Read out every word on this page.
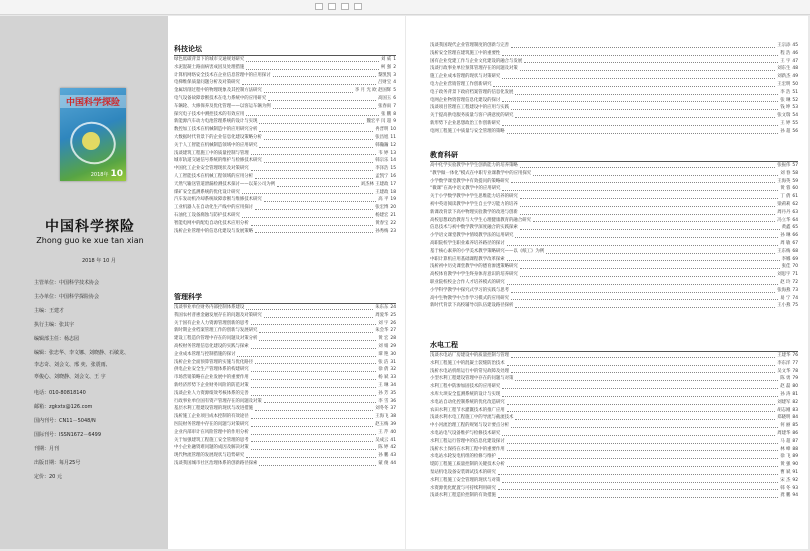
中国科学探险
2018年 10
中国科学探险
Zhong guo ke xue tan xian
2018 年 10 月
主管单位：中国科学技术协会
主办单位：中国科学探险协会
主编：王建才
执行主编：张其宇
编辑部主任：杨志园
编辑：张忠华、李文娜、刘晓静、石敏龙、
李志奇、刘会文、邢 奕、张震雨、
辜俊心、刘晓静、刘会文、王 宇
电话：010-80818140
邮箱：zgkxtx@126.com
国内刊号：CN11－5048/N
国际刊号：ISSN1672－6499
刊期：月刊
出版日期：每月25号
定价：20 元
科技论坛
绿色低碳背景下的城市交通规划研究	刘 威 1
水泥混凝土路面病害成因及处理措施	柯 强 2
计算机网络安全技术在企业信息管理中的应用探讨	黎凯凯 3
电梯维保质量问题分析及对策研究	吕财宝 4
金属切削过程中的物理现象及其控制方法研究	李 月 光 欧 赵国辉 5
电气设备故障诊断技术在电力系统中的应用研究	高国玉 6
车辆轮、大修保养及优化管理——以客运车辆为例	张春雨 7
探究电子技术中测控技术的有效应用	张 鹏 8
新能源汽车动力电池管理系统的设计与实现	魏宏平 闫 超 9
数控加工技术在机械制造中的应用研究分析	冉晋明 10
大数据时代背景下的企业信息化建设策略分析	张昌旭 11
关于人工智能在机械制造领域中的应用研究	韩瀚瀚 12
浅谈建筑工程施工中的质量控制与管理	韦 婷 13
城市轨道交通信号系统的维护与检修技术研究	韩宗乐 14
中国化工企业安全管理现状及对策研究	李泽浩 15
人工智能技术在机械工程领域的应用分析	孟凯宁 16
天然气输送管道泄漏检测技术探讨——以某公司为例	刘杰林 王建政 17
煤矿安全监测系统的优化设计研究	王建政 18
汽车发动机冷却系统故障诊断与维修技术研究	高 平 19
工业机器人在自动化生产线中的应用探讨	张宏博 20
石油化工设备腐蚀与防护技术研究	杨建宏 21
智能电网中的配电自动化技术应用分析	黄春宝 22
浅析企业管理中的信息化建设与发展策略	孙秀梅 23
管理科学
浅谈事业单位财务内部控制体系建设	朱东东 24
我国农村普惠金融发展存在的问题及对策研究	周爱华 25
关于国有企业人力资源管理创新的思考	刘 宇 26
新时期企业档案管理工作的创新与发展研究	朱会华 27
建设工程造价管理中存在的问题及对策分析	黄 宏 28
高校财务管理信息化建设的实践与探索	刘 娟 29
企业成本管理与控制措施的探讨	谭 艳 30
浅析企业全面预算管理的实施与优化路径	张 洁 31
供电企业安全生产管理体系的构建研究	徐 倩 32
市场营销策略在企业发展中的重要作用	杨 斌 33
新经济形势下企业财务风险的防范对策	王 琳 34
浅谈企业人力资源绩效考核体系的完善	孙 芳 35
行政事业单位国有资产管理存在的问题及对策	李 雪 36
基层水利工程建设管理的现状与改进措施	刘冬冬 37
浅析施工企业项目成本控制的有效途径	王海飞 38
医院财务管理中存在的问题与对策研究	赵玉梅 39
企业内部审计在风险管理中的作用分析	王 芹 40
关于加强建筑工程施工安全管理的思考	吴成云 41
中小企业融资难问题的成因及解决对策	陈 婷 42
现代物流管理的发展现状与趋势研究	孙 鹏 43
浅谈我国城市社区治理体系的创新路径探索	蒙 俊 44
浅谈我国现代企业管理制度的创新与完善	王宗添 45
浅析安全管理在建筑施工中的重要性	程 浩 46
国有企业党建工作与企业文化建设的融合与发展	王 宇 47
浅谈行政事业单位预算管理存在的问题及对策	刘东生 48
施工企业成本管理的现状与对策研究	刘新杰 49
电力企业营销管理工作创新研究	王宏明 50
电子政务背景下政府档案管理的信息化发展	李 浩 51
电网企业物资管理信息化建设的探讨	张 琳 52
浅谈项目管理在工程建设中的应用与实践	钱 坤 53
关于提高供电服务质量与客户满意度的研究	张文瑞 54
新形势下企业思想政治工作创新研究	王 婷 55
电网工程施工中质量与安全管理的策略	孙 超 56
教育科研
高中化学实验教学中学生创新能力的培养策略	张振伟 57
“教学做一体化”模式在中职专业课教学中的应用探究	刘 春 58
小学数学课堂教学中有效提问的策略研究	王海英 59
“微课”在高中语文教学中的应用研究	黄 蓉 60
关于小学数学教学中学生思维能力培养的研究	丁 倩 61
初中英语阅读教学中学生自主学习能力的培养	梁莉莉 62
新课改背景下高中物理实验教学的改进与创新	周丹丹 63
高校思想政治教育与大学生心理健康教育的融合研究	冯立华 64
信息技术与初中数学教学深度融合的实践探索	黄鑫 65
小学语文课堂教学中情境教学法的运用研究	孙 琳 66
高职院校学生职业素养培养路径的探讨	周 敏 67
基于核心素养的小学美术教学策略研究——以《纸工》为例	王东梅 68
中职计算机应用基础课程教学改革探索	李娜 69
浅析初中历史课堂教学中的德育渗透策略研究	张佳 70
高校体育教学中学生终身体育意识的培养研究	刘思宇 71
职业院校校企合作人才培养模式的研究	赵 玲 72
小学科学教学中探究式学习的实践与思考	张海燕 73
高中生物教学中合作学习模式的应用研究	易 宁 74
新时代背景下高校辅导员队伍建设路径探析	王小燕 75
水电工程
浅谈水电站厂房建设中的质量控制与管理	王建华 76
水利工程施工中的混凝土裂缝防治技术	李东洋 77
浅析水电站机组运行中的常见故障及处理	吴文华 78
小型水利工程建设管理中存在的问题与对策	陈 勇 79
水利工程中防渗加固技术的应用研究	赵 磊 80
水库大坝安全监测系统的设计与实现	孙 涛 81
水电站自动化控制系统的优化改造研究	刘建军 82
农田水利工程节水灌溉技术的推广应用	胡志刚 83
浅谈水利水电工程施工中的导流与截流技术	郑晓明 84
中小河流治理工程的规划与设计要点分析	何 丽 85
水电站电气设备维护与检修技术研究	周建华 86
水利工程运行管理中的信息化建设探讨	马 超 87
浅析水土保持在水利工程中的重要作用	林 峰 88
水电站水轮发电机组的检修与维护	徐 飞 89
堤防工程施工质量控制的关键技术分析	黄 强 90
泵站机电设备安装调试技术的研究	曹 斌 91
水利工程施工安全管理的现状与对策	宋 杰 92
水资源优化配置与可持续利用研究	韩 冬 93
浅谈水利工程造价控制的有效措施	龚 鹏 94
